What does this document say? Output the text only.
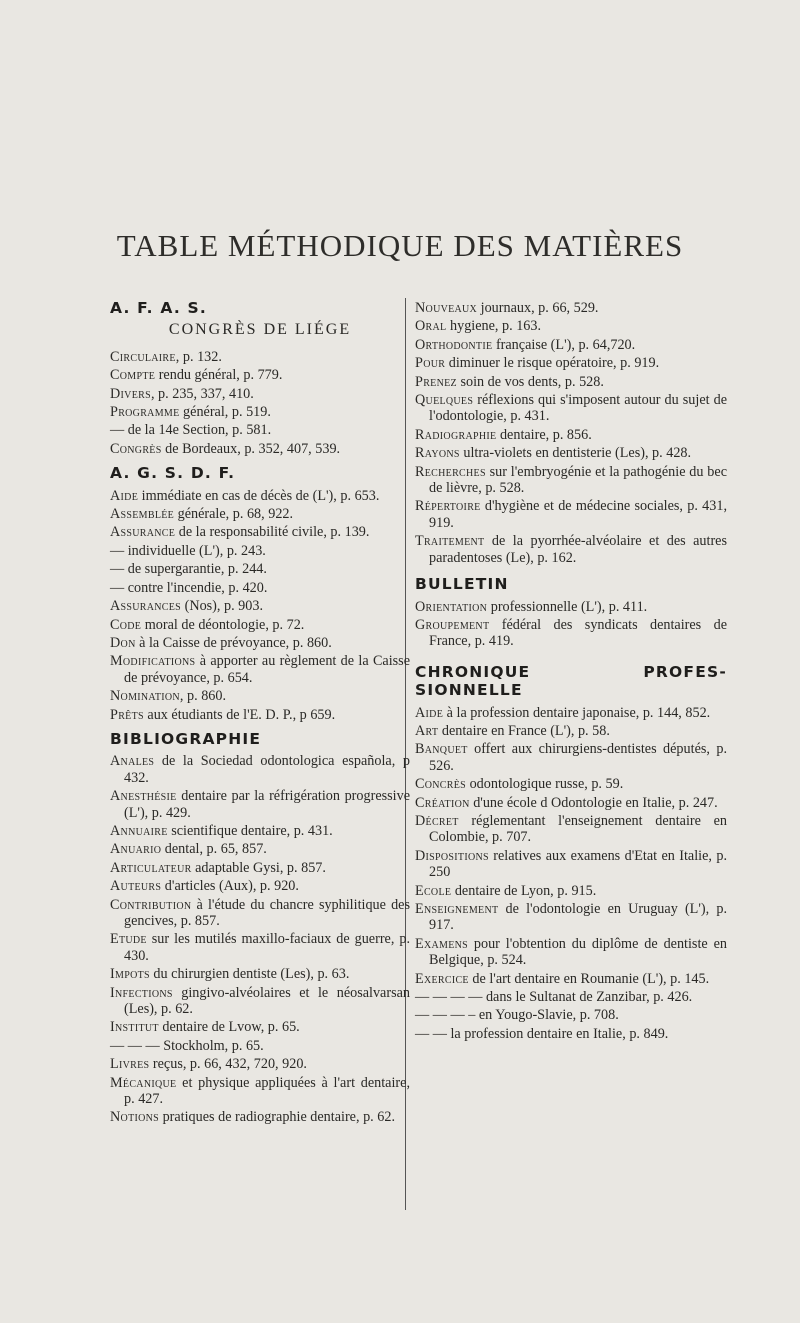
TABLE MÉTHODIQUE DES MATIÈRES
A. F. A. S.
CONGRÈS DE LIÉGE
Circulaire, p. 132.
Compte rendu général, p. 779.
Divers, p. 235, 337, 410.
Programme général, p. 519.
— de la 14e Section, p. 581.
Congrès de Bordeaux, p. 352, 407, 539.
A. G. S. D. F.
Aide immédiate en cas de décès de (L'), p. 653.
Assemblée générale, p. 68, 922.
Assurance de la responsabilité civile, p. 139.
— individuelle (L'), p. 243.
— de supergarantie, p. 244.
— contre l'incendie, p. 420.
Assurances (Nos), p. 903.
Code moral de déontologie, p. 72.
Don à la Caisse de prévoyance, p. 860.
Modifications à apporter au règlement de la Caisse de prévoyance, p. 654.
Nomination, p. 860.
Prêts aux étudiants de l'E. D. P., p 659.
BIBLIOGRAPHIE
Anales de la Sociedad odontologica española, p 432.
Anesthésie dentaire par la réfrigération progressive (L'), p. 429.
Annuaire scientifique dentaire, p. 431.
Anuario dental, p. 65, 857.
Articulateur adaptable Gysi, p. 857.
Auteurs d'articles (Aux), p. 920.
Contribution à l'étude du chancre syphilitique des gencives, p. 857.
Etude sur les mutilés maxillo-faciaux de guerre, p. 430.
Impots du chirurgien dentiste (Les), p. 63.
Infections gingivo-alvéolaires et le néosalvarsan (Les), p. 62.
Institut dentaire de Lvow, p. 65.
— — — Stockholm, p. 65.
Livres reçus, p. 66, 432, 720, 920.
Mécanique et physique appliquées à l'art dentaire, p. 427.
Notions pratiques de radiographie dentaire, p. 62.
Nouveaux journaux, p. 66, 529.
Oral hygiene, p. 163.
Orthodontie française (L'), p. 64,720.
Pour diminuer le risque opératoire, p. 919.
Prenez soin de vos dents, p. 528.
Quelques réflexions qui s'imposent autour du sujet de l'odontologie, p. 431.
Radiographie dentaire, p. 856.
Rayons ultra-violets en dentisterie (Les), p. 428.
Recherches sur l'embryogénie et la pathogénie du bec de lièvre, p. 528.
Répertoire d'hygiène et de médecine sociales, p. 431, 919.
Traitement de la pyorrhée-alvéolaire et des autres paradentoses (Le), p. 162.
BULLETIN
Orientation professionnelle (L'), p. 411.
Groupement fédéral des syndicats dentaires de France, p. 419.
CHRONIQUE	PROFES-
SIONNELLE
Aide à la profession dentaire japonaise, p. 144, 852.
Art dentaire en France (L'), p. 58.
Banquet offert aux chirurgiens-dentistes députés, p. 526.
Concrès odontologique russe, p. 59.
Création d'une école d Odontologie en Italie, p. 247.
Décret réglementant l'enseignement dentaire en Colombie, p. 707.
Dispositions relatives aux examens d'Etat en Italie, p. 250
Ecole dentaire de Lyon, p. 915.
Enseignement de l'odontologie en Uruguay (L'), p. 917.
Examens pour l'obtention du diplôme de dentiste en Belgique, p. 524.
Exercice de l'art dentaire en Roumanie (L'), p. 145.
— — — — dans le Sultanat de Zanzibar, p. 426.
— — — – en Yougo-Slavie, p. 708.
— — la profession dentaire en Italie, p. 849.
